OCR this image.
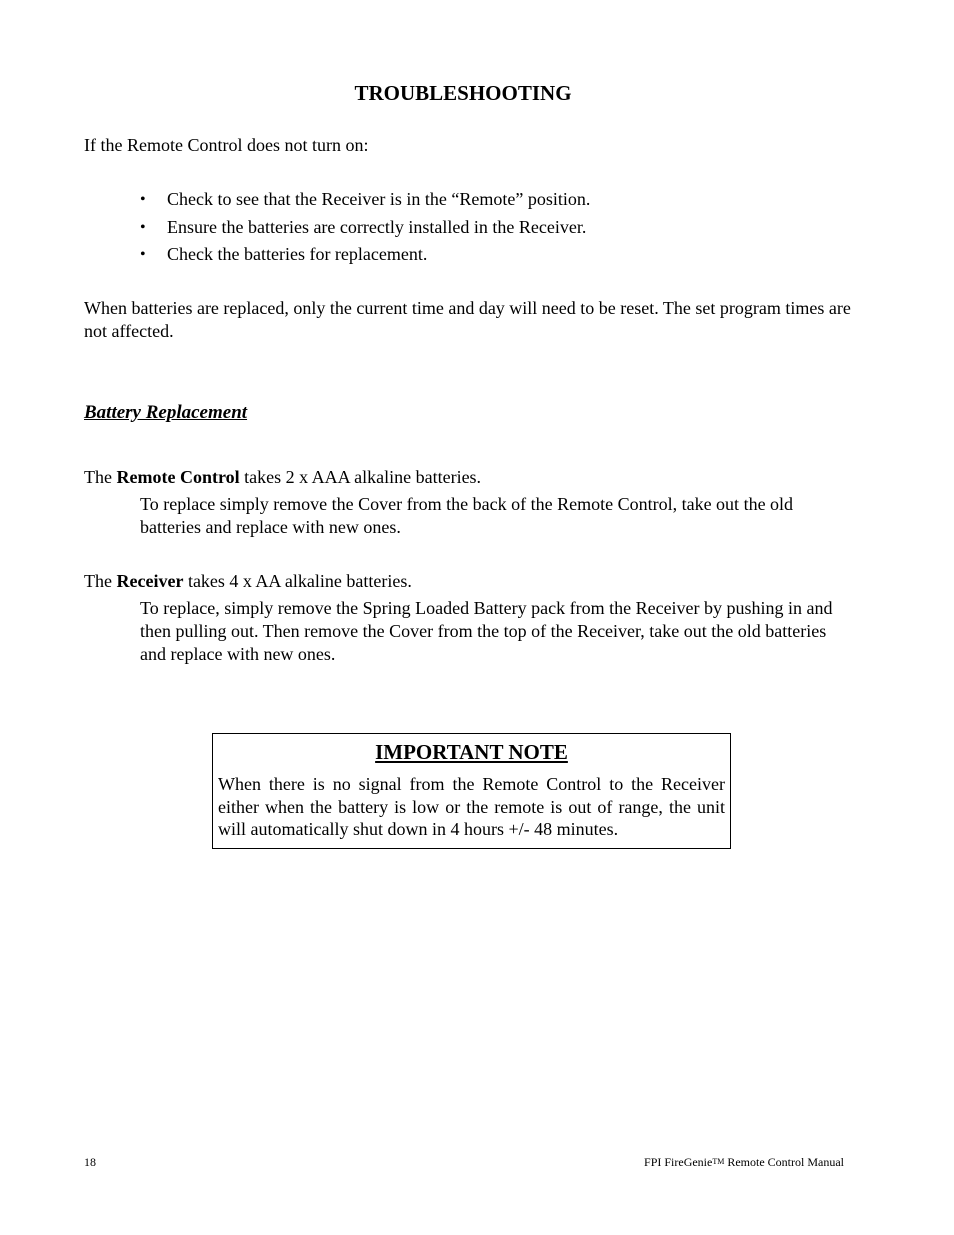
TROUBLESHOOTING
If the Remote Control does not turn on:
• Check to see that the Receiver is in the “Remote” position.
• Ensure the batteries are correctly installed in the Receiver.
• Check the batteries for replacement.
When batteries are replaced, only the current time and day will need to be reset. The set program times are not affected.
Battery Replacement
The Remote Control takes 2 x AAA alkaline batteries.
To replace simply remove the Cover from the back of the Remote Control, take out the old batteries and replace with new ones.
The Receiver takes 4 x AA alkaline batteries.
To replace, simply remove the Spring Loaded Battery pack from the Receiver by pushing in and then pulling out. Then remove the Cover from the top of the Receiver, take out the old batteries and replace with new ones.
IMPORTANT NOTE
When there is no signal from the Remote Control to the Receiver either when the battery is low or the remote is out of range, the unit will automatically shut down in 4 hours +/- 48 minutes.
18	FPI FireGenieTM Remote Control Manual
